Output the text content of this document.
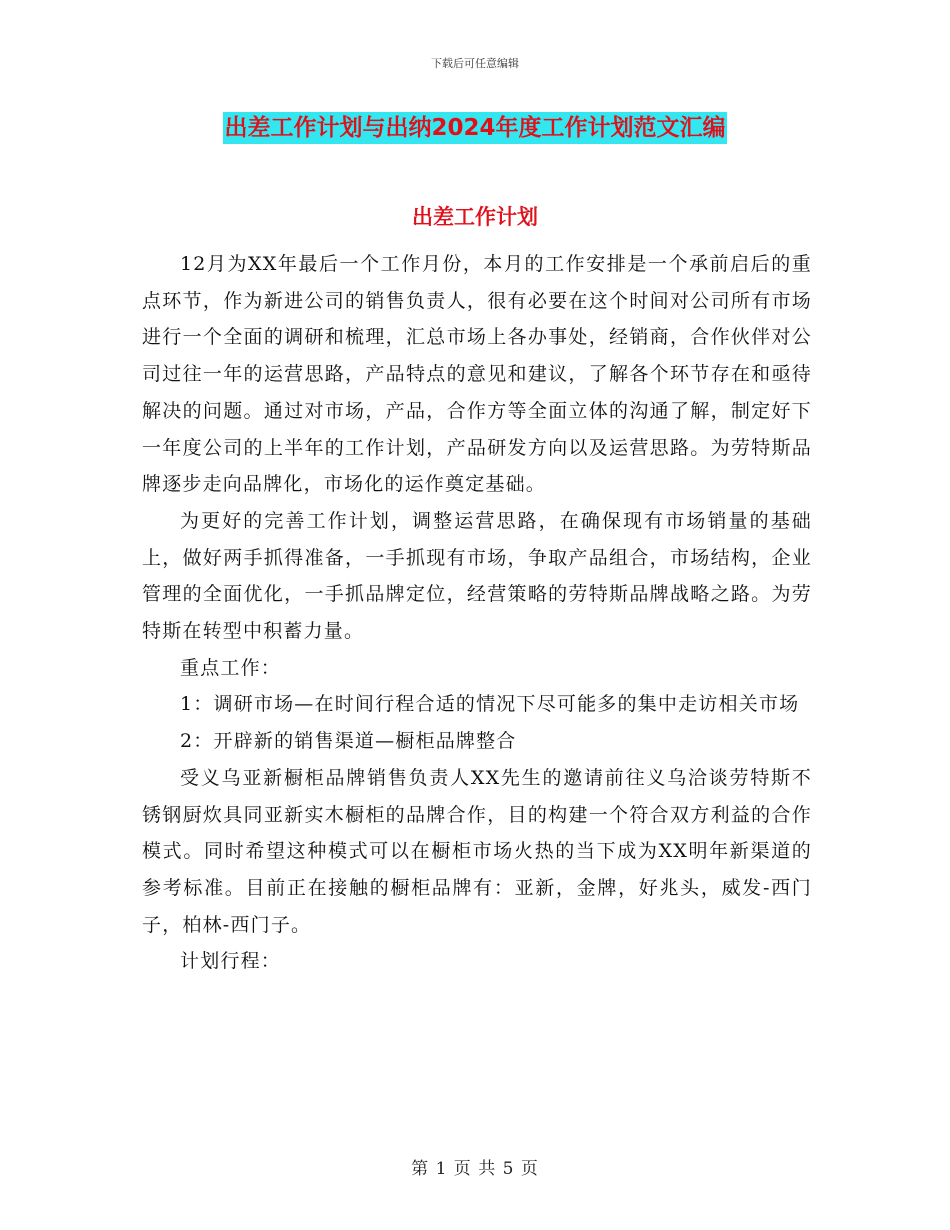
下载后可任意编辑
出差工作计划与出纳2024年度工作计划范文汇编
出差工作计划

12月为XX年最后一个工作月份，本月的工作安排是一个承前启后的重点环节，作为新进公司的销售负责人，很有必要在这个时间对公司所有市场进行一个全面的调研和梳理，汇总市场上各办事处，经销商，合作伙伴对公司过往一年的运营思路，产品特点的意见和建议，了解各个环节存在和亟待解决的问题。通过对市场，产品，合作方等全面立体的沟通了解，制定好下一年度公司的上半年的工作计划，产品研发方向以及运营思路。为劳特斯品牌逐步走向品牌化，市场化的运作奠定基础。

为更好的完善工作计划，调整运营思路，在确保现有市场销量的基础上，做好两手抓得准备，一手抓现有市场，争取产品组合，市场结构，企业管理的全面优化，一手抓品牌定位，经营策略的劳特斯品牌战略之路。为劳特斯在转型中积蓄力量。

重点工作：

1：调研市场—在时间行程合适的情况下尽可能多的集中走访相关市场

2：开辟新的销售渠道—橱柜品牌整合

受义乌亚新橱柜品牌销售负责人XX先生的邀请前往义乌洽谈劳特斯不锈钢厨炊具同亚新实木橱柜的品牌合作，目的构建一个符合双方利益的合作模式。同时希望这种模式可以在橱柜市场火热的当下成为XX明年新渠道的参考标准。目前正在接触的橱柜品牌有：亚新，金牌，好兆头，威发-西门子，柏林-西门子。

计划行程：

第 1 页 共 5 页
